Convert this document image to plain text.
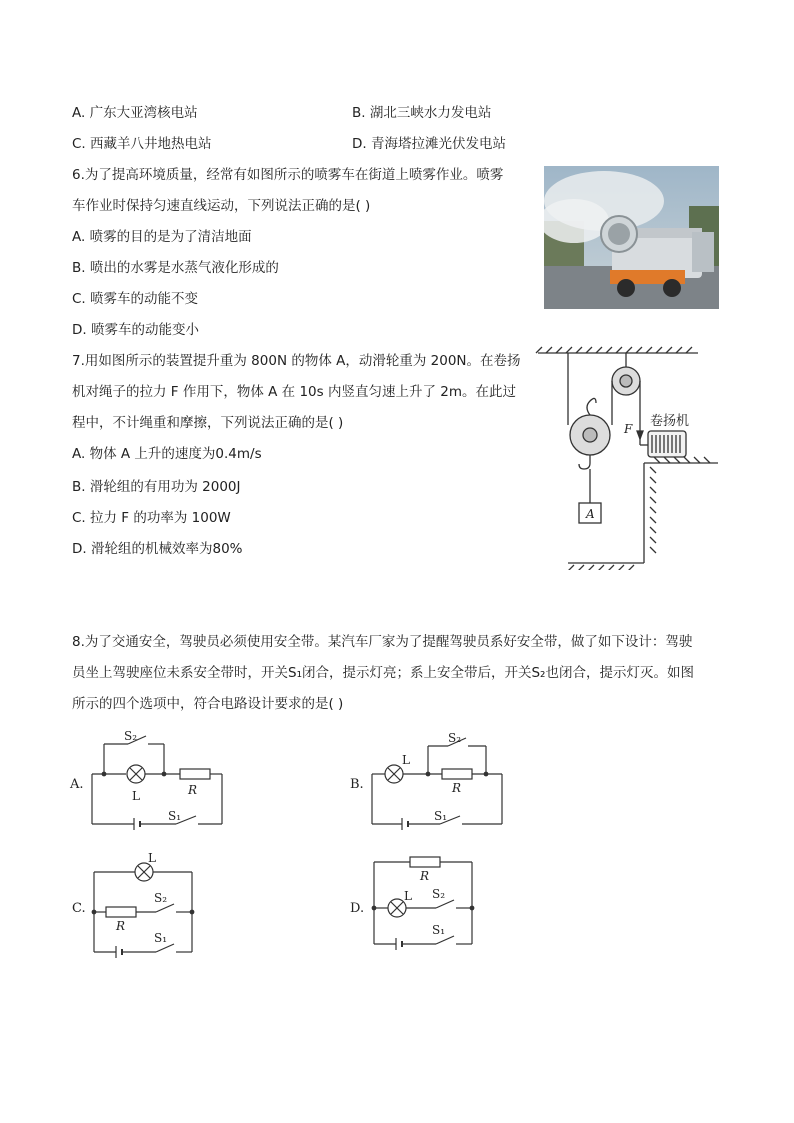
A. 广东大亚湾核电站	B. 湖北三峡水力发电站
C. 西藏羊八井地热电站	D. 青海塔拉滩光伏发电站
6.为了提高环境质量，经常有如图所示的喷雾车在街道上喷雾作业。喷雾
车作业时保持匀速直线运动，下列说法正确的是( )
A. 喷雾的目的是为了清洁地面
B. 喷出的水雾是水蒸气液化形成的
C. 喷雾车的动能不变
D. 喷雾车的动能变小
7.用如图所示的装置提升重为 800N 的物体 A，动滑轮重为 200N。在卷扬
机对绳子的拉力 F 作用下，物体 A 在 10s 内竖直匀速上升了 2m。在此过
程中，不计绳重和摩擦，下列说法正确的是( )
A. 物体 A 上升的速度为0.4m/s
B. 滑轮组的有用功为 2000J
C. 拉力 F 的功率为 100W
D. 滑轮组的机械效率为80%
卷扬机
F
A
8.为了交通安全，驾驶员必须使用安全带。某汽车厂家为了提醒驾驶员系好安全带，做了如下设计：驾驶
员坐上驾驶座位未系安全带时，开关S₁闭合，提示灯亮；系上安全带后，开关S₂也闭合，提示灯灭。如图
所示的四个选项中，符合电路设计要求的是( )
A.
S₂
L	R
S₁
B.
S₂
L
R
S₁
C.
L
R
S₂
S₁
D.
R
L S₂
S₁
